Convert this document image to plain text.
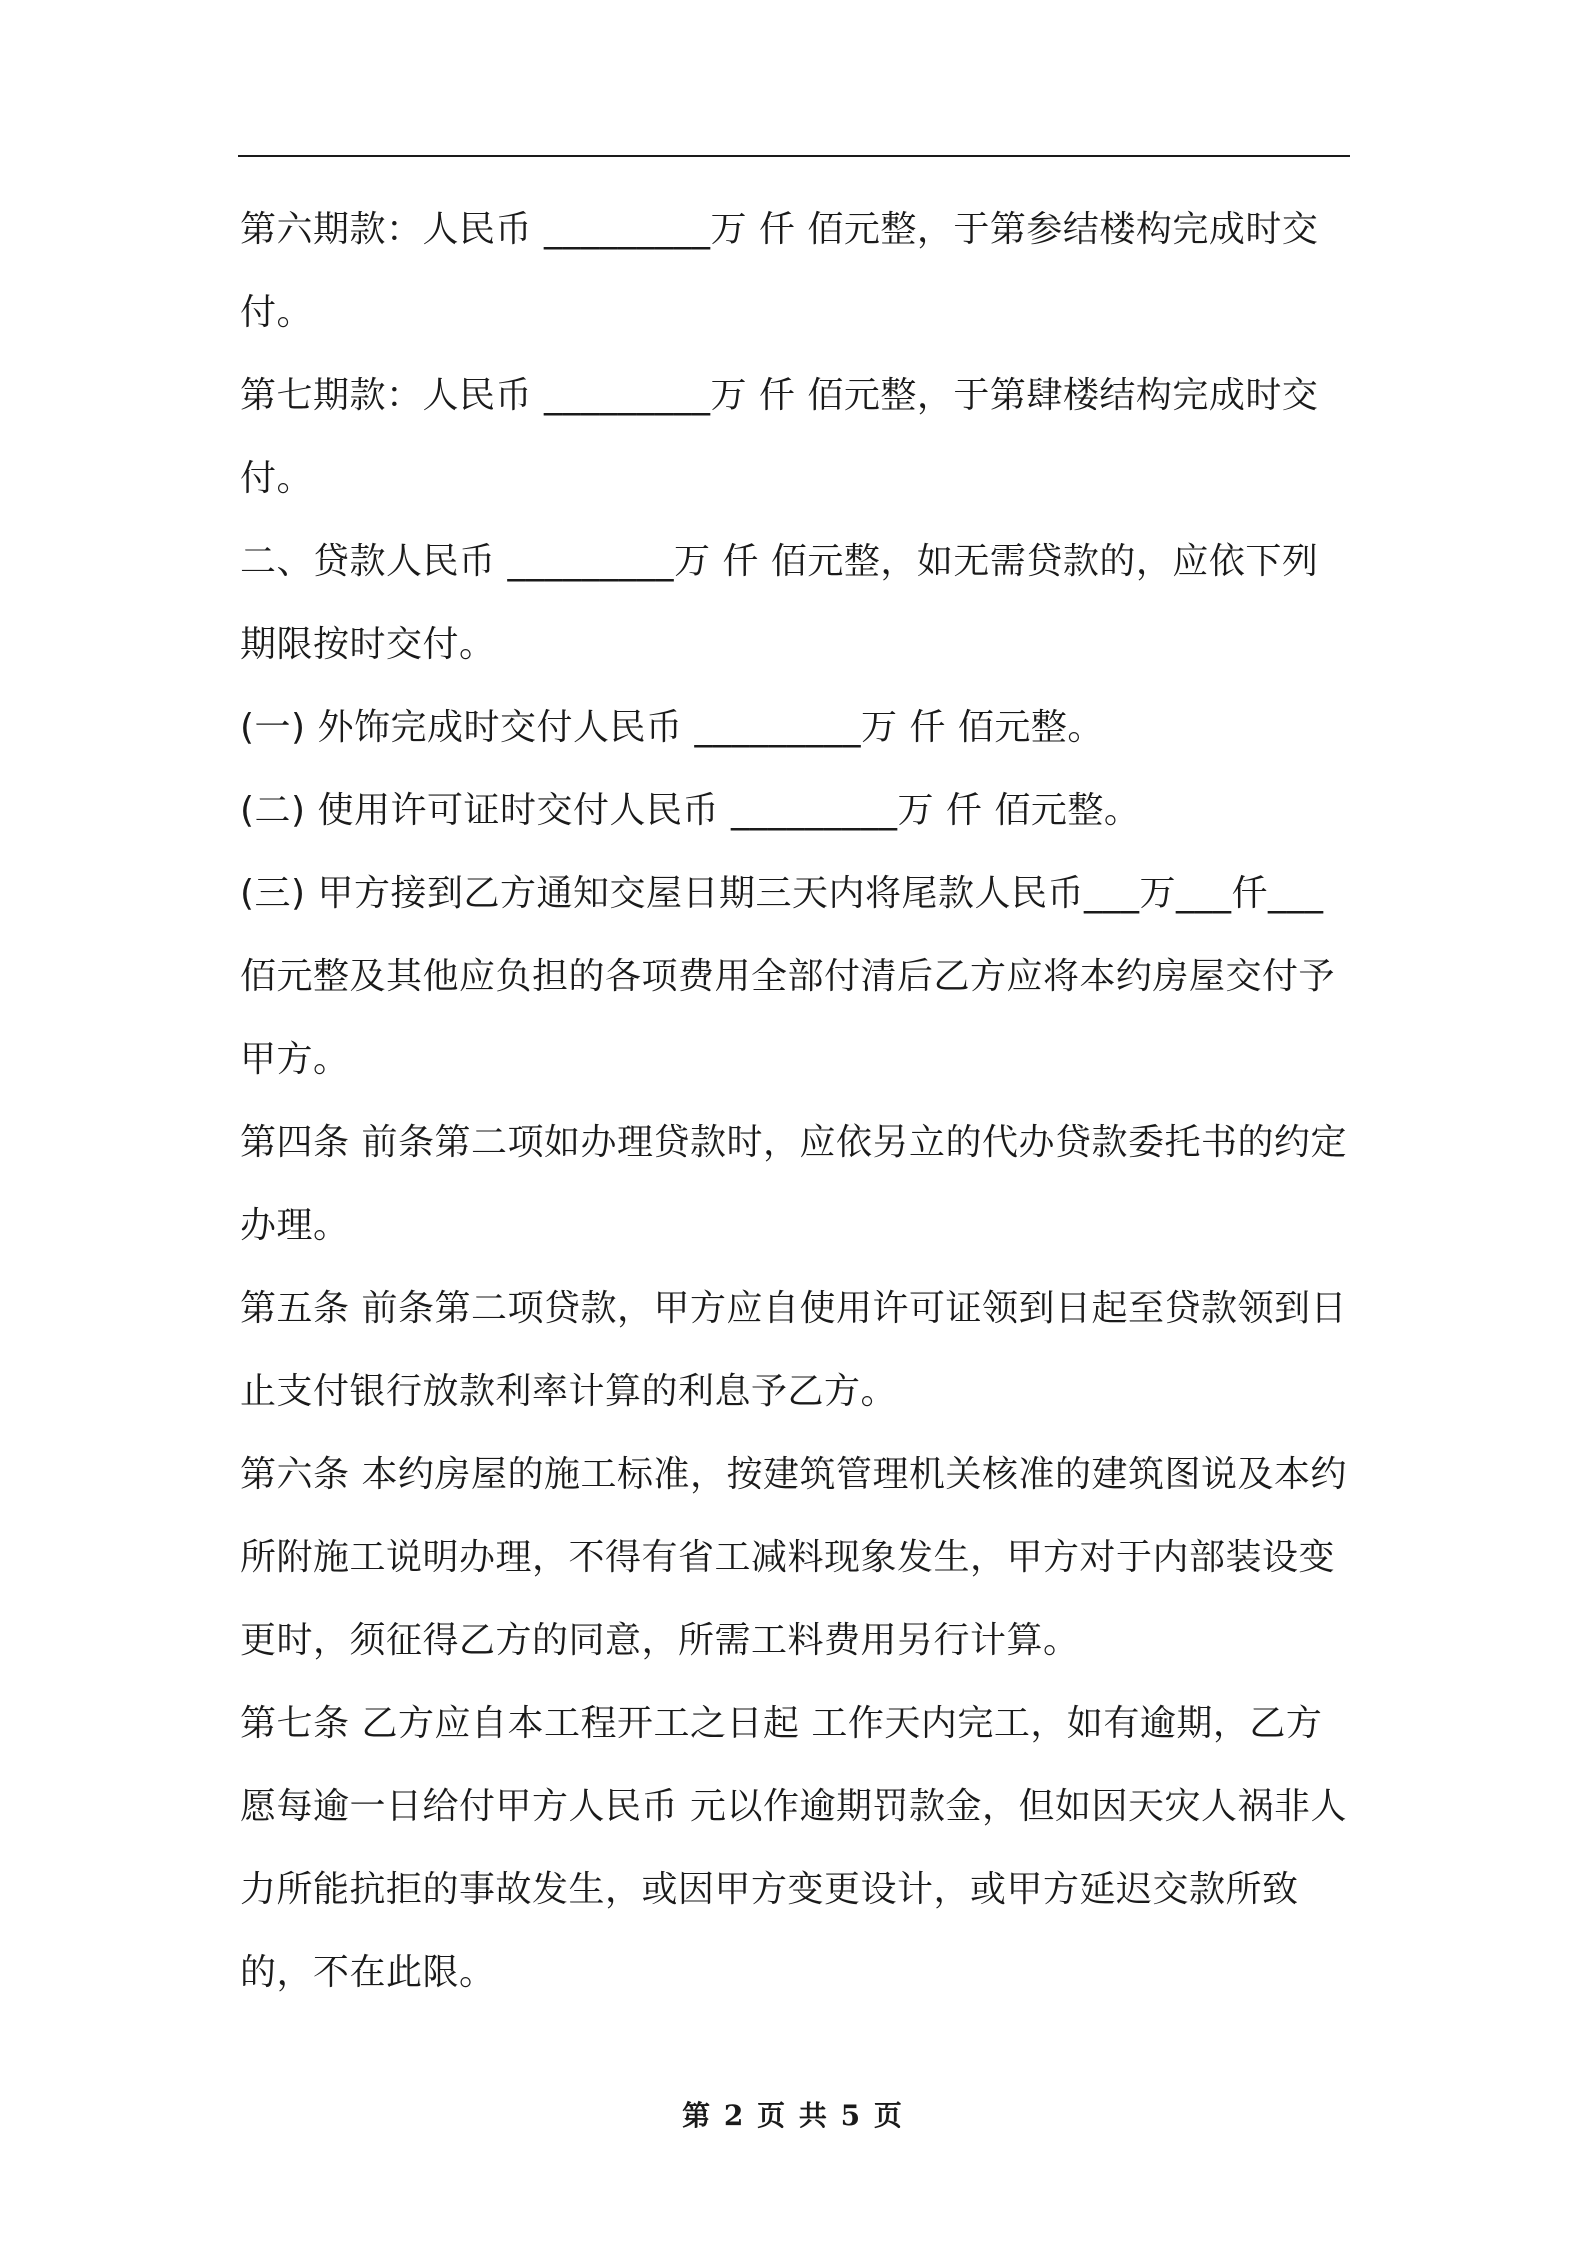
第六期款：人民币 _________万 仟 佰元整，于第参结楼构完成时交付。

第七期款：人民币 _________万 仟 佰元整，于第肆楼结构完成时交付。

二、贷款人民币 _________万 仟 佰元整，如无需贷款的，应依下列期限按时交付。

(一) 外饰完成时交付人民币 _________万 仟 佰元整。

(二) 使用许可证时交付人民币 _________万 仟 佰元整。

(三) 甲方接到乙方通知交屋日期三天内将尾款人民币___万___仟___佰元整及其他应负担的各项费用全部付清后乙方应将本约房屋交付予甲方。

第四条 前条第二项如办理贷款时，应依另立的代办贷款委托书的约定办理。

第五条 前条第二项贷款，甲方应自使用许可证领到日起至贷款领到日止支付银行放款利率计算的利息予乙方。

第六条 本约房屋的施工标准，按建筑管理机关核准的建筑图说及本约所附施工说明办理，不得有省工减料现象发生，甲方对于内部装设变更时，须征得乙方的同意，所需工料费用另行计算。

第七条 乙方应自本工程开工之日起 工作天内完工，如有逾期，乙方愿每逾一日给付甲方人民币 元以作逾期罚款金，但如因天灾人祸非人力所能抗拒的事故发生，或因甲方变更设计，或甲方延迟交款所致的，不在此限。

第 2 页 共 5 页
